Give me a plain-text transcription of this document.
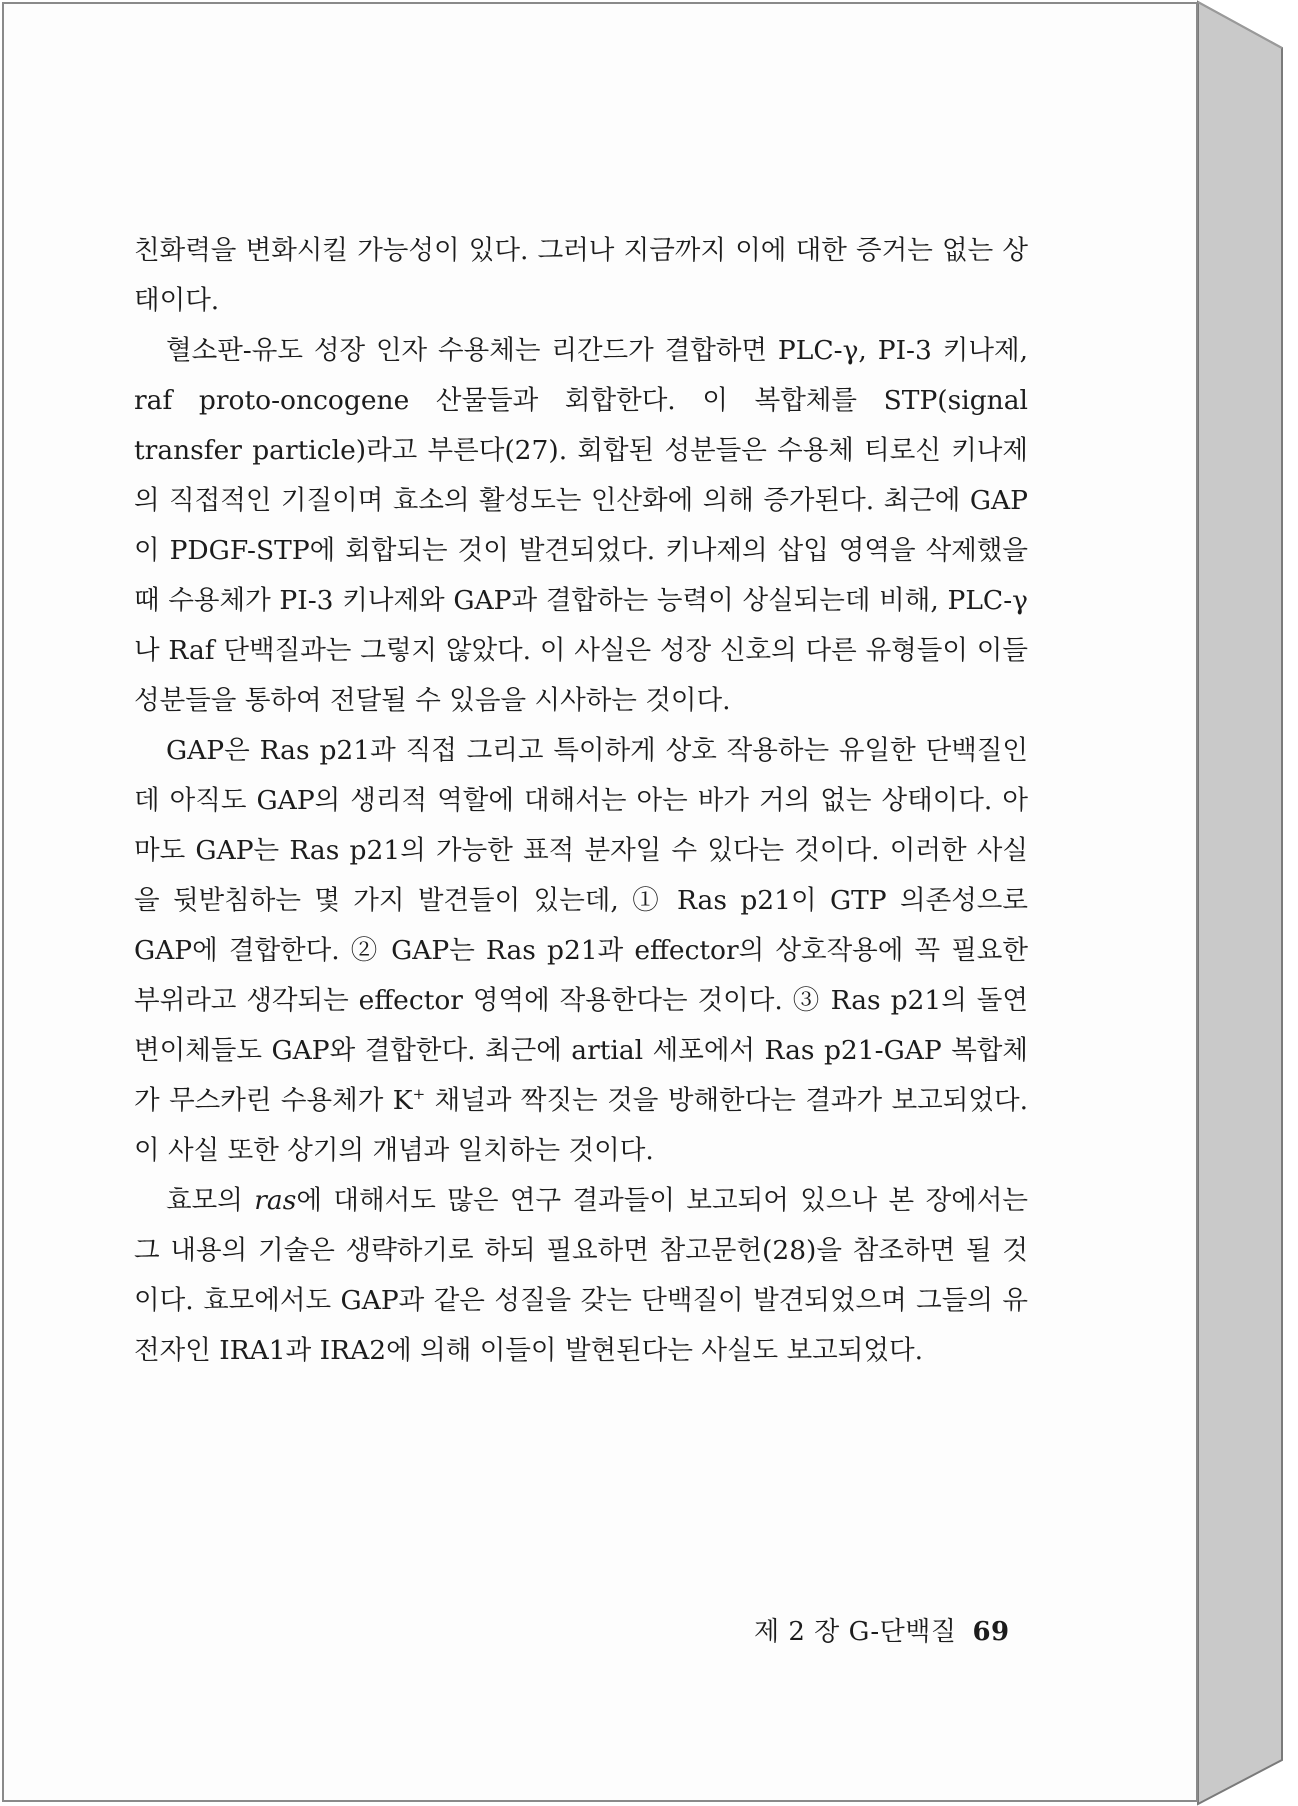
친화력을 변화시킬 가능성이 있다. 그러나 지금까지 이에 대한 증거는 없는 상태이다.

혈소판-유도 성장 인자 수용체는 리간드가 결합하면 PLC-γ, PI-3 키나제, raf proto-oncogene 산물들과 회합한다. 이 복합체를 STP(signal transfer particle)라고 부른다(27). 회합된 성분들은 수용체 티로신 키나제의 직접적인 기질이며 효소의 활성도는 인산화에 의해 증가된다. 최근에 GAP이 PDGF-STP에 회합되는 것이 발견되었다. 키나제의 삽입 영역을 삭제했을 때 수용체가 PI-3 키나제와 GAP과 결합하는 능력이 상실되는데 비해, PLC-γ나 Raf 단백질과는 그렇지 않았다. 이 사실은 성장 신호의 다른 유형들이 이들 성분들을 통하여 전달될 수 있음을 시사하는 것이다.

GAP은 Ras p21과 직접 그리고 특이하게 상호 작용하는 유일한 단백질인데 아직도 GAP의 생리적 역할에 대해서는 아는 바가 거의 없는 상태이다. 아마도 GAP는 Ras p21의 가능한 표적 분자일 수 있다는 것이다. 이러한 사실을 뒷받침하는 몇 가지 발견들이 있는데, ① Ras p21이 GTP 의존성으로 GAP에 결합한다. ② GAP는 Ras p21과 effector의 상호작용에 꼭 필요한 부위라고 생각되는 effector 영역에 작용한다는 것이다. ③ Ras p21의 돌연변이체들도 GAP와 결합한다. 최근에 artial 세포에서 Ras p21-GAP 복합체가 무스카린 수용체가 K+ 채널과 짝짓는 것을 방해한다는 결과가 보고되었다. 이 사실 또한 상기의 개념과 일치하는 것이다.

효모의 ras에 대해서도 많은 연구 결과들이 보고되어 있으나 본 장에서는 그 내용의 기술은 생략하기로 하되 필요하면 참고문헌(28)을 참조하면 될 것이다. 효모에서도 GAP과 같은 성질을 갖는 단백질이 발견되었으며 그들의 유전자인 IRA1과 IRA2에 의해 이들이 발현된다는 사실도 보고되었다.

제 2 장 G-단백질 69
